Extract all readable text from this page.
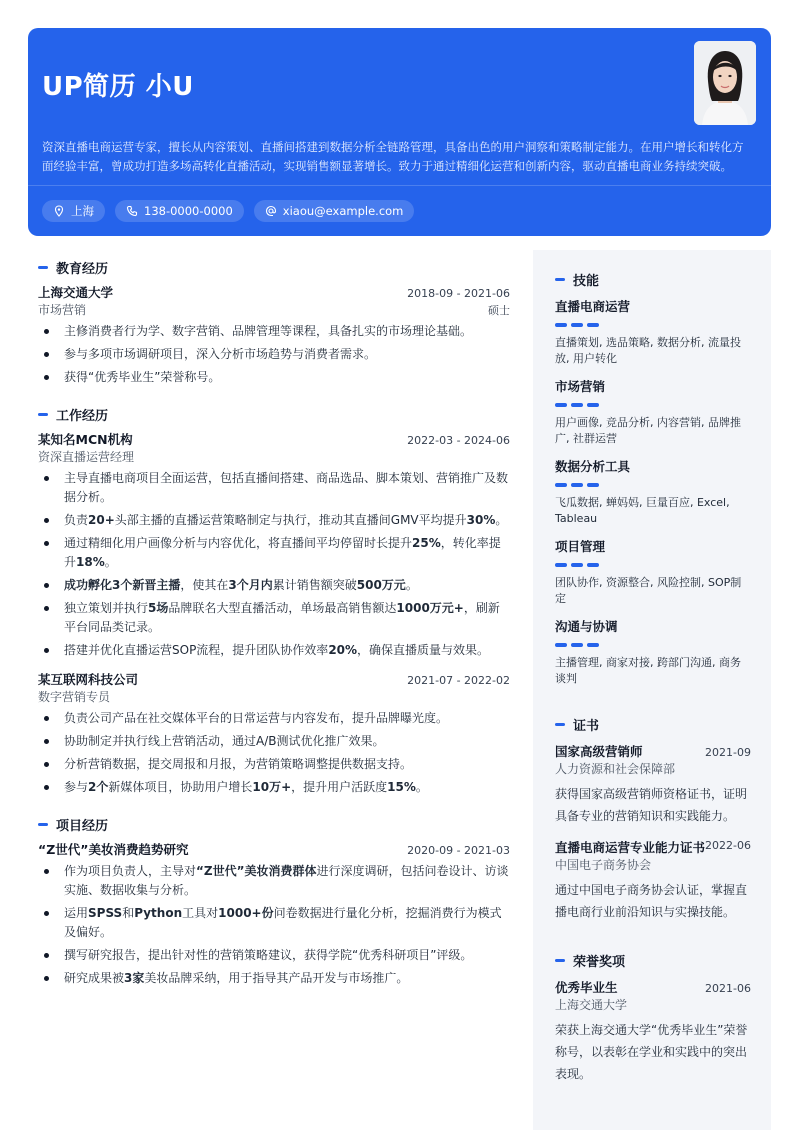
UP简历 小U
资深直播电商运营专家，擅长从内容策划、直播间搭建到数据分析全链路管理，具备出色的用户洞察和策略制定能力。在用户增长和转化方面经验丰富，曾成功打造多场高转化直播活动，实现销售额显著增长。致力于通过精细化运营和创新内容，驱动直播电商业务持续突破。
上海	138-0000-0000	xiaou@example.com
教育经历
上海交通大学	2018-09 - 2021-06
市场营销	硕士
主修消费者行为学、数字营销、品牌管理等课程，具备扎实的市场理论基础。
参与多项市场调研项目，深入分析市场趋势与消费者需求。
获得“优秀毕业生”荣誉称号。
工作经历
某知名MCN机构	2022-03 - 2024-06
资深直播运营经理
主导直播电商项目全面运营，包括直播间搭建、商品选品、脚本策划、营销推广及数据分析。
负责20+头部主播的直播运营策略制定与执行，推动其直播间GMV平均提升30%。
通过精细化用户画像分析与内容优化，将直播间平均停留时长提升25%，转化率提升18%。
成功孵化3个新晋主播，使其在3个月内累计销售额突破500万元。
独立策划并执行5场品牌联名大型直播活动，单场最高销售额达1000万元+，刷新平台同品类记录。
搭建并优化直播运营SOP流程，提升团队协作效率20%，确保直播质量与效果。
某互联网科技公司	2021-07 - 2022-02
数字营销专员
负责公司产品在社交媒体平台的日常运营与内容发布，提升品牌曝光度。
协助制定并执行线上营销活动，通过A/B测试优化推广效果。
分析营销数据，提交周报和月报，为营销策略调整提供数据支持。
参与2个新媒体项目，协助用户增长10万+，提升用户活跃度15%。
项目经历
“Z世代”美妆消费趋势研究	2020-09 - 2021-03
作为项目负责人，主导对“Z世代”美妆消费群体进行深度调研，包括问卷设计、访谈实施、数据收集与分析。
运用SPSS和Python工具对1000+份问卷数据进行量化分析，挖掘消费行为模式及偏好。
撰写研究报告，提出针对性的营销策略建议，获得学院“优秀科研项目”评级。
研究成果被3家美妆品牌采纳，用于指导其产品开发与市场推广。
技能
直播电商运营
直播策划, 选品策略, 数据分析, 流量投放, 用户转化
市场营销
用户画像, 竞品分析, 内容营销, 品牌推广, 社群运营
数据分析工具
飞瓜数据, 蝉妈妈, 巨量百应, Excel, Tableau
项目管理
团队协作, 资源整合, 风险控制, SOP制定
沟通与协调
主播管理, 商家对接, 跨部门沟通, 商务谈判
证书
国家高级营销师	2021-09
人力资源和社会保障部
获得国家高级营销师资格证书，证明具备专业的营销知识和实践能力。
直播电商运营专业能力证书 2022-06
中国电子商务协会
通过中国电子商务协会认证，掌握直播电商行业前沿知识与实操技能。
荣誉奖项
优秀毕业生	2021-06
上海交通大学
荣获上海交通大学“优秀毕业生”荣誉称号，以表彰在学业和实践中的突出表现。
